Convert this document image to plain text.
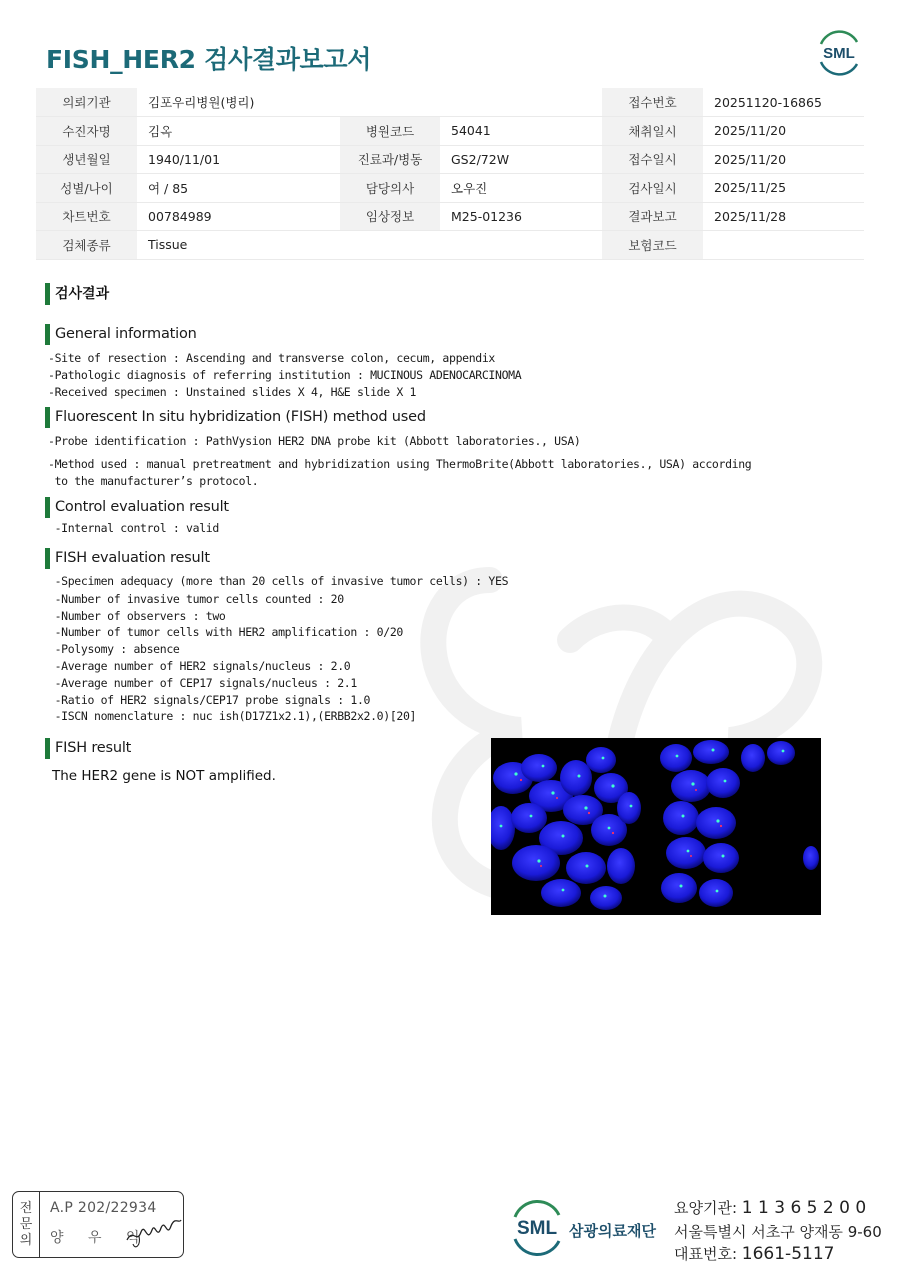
FISH_HER2 검사결과보고서	SML
의뢰기관	김포우리병원(병리)			접수번호	20251120-16865
수진자명	김옥	병원코드	54041	채취일시	2025/11/20
생년월일	1940/11/01	진료과/병동	GS2/72W	접수일시	2025/11/20
성별/나이	여 / 85	담당의사	오우진	검사일시	2025/11/25
차트번호	00784989	임상정보	M25-01236	결과보고	2025/11/28
검체종류	Tissue			보험코드	
검사결과
General information
-Site of resection : Ascending and transverse colon, cecum, appendix
-Pathologic diagnosis of referring institution : MUCINOUS ADENOCARCINOMA
-Received specimen : Unstained slides X 4, H&E slide X 1
Fluorescent In situ hybridization (FISH) method used
-Probe identification : PathVysion HER2 DNA probe kit (Abbott laboratories., USA)
-Method used : manual pretreatment and hybridization using ThermoBrite(Abbott laboratories., USA) according
to the manufacturer’s protocol.
Control evaluation result
-Internal control : valid
FISH evaluation result
-Specimen adequacy (more than 20 cells of invasive tumor cells) : YES
-Number of invasive tumor cells counted : 20
-Number of observers : two
-Number of tumor cells with HER2 amplification : 0/20
-Polysomy : absence
-Average number of HER2 signals/nucleus : 2.0
-Average number of CEP17 signals/nucleus : 2.1
-Ratio of HER2 signals/CEP17 probe signals : 1.0
-ISCN nomenclature : nuc ish(D17Z1x2.1),(ERBB2x2.0)[20]
FISH result
The HER2 gene is NOT amplified.
전
문
의
A.P 202/22934
양 우 익	SML 삼광의료재단
요양기관: 1 1 3 6 5 2 0 0
서울특별시 서초구 양재동 9-60
대표번호: 1661-5117
